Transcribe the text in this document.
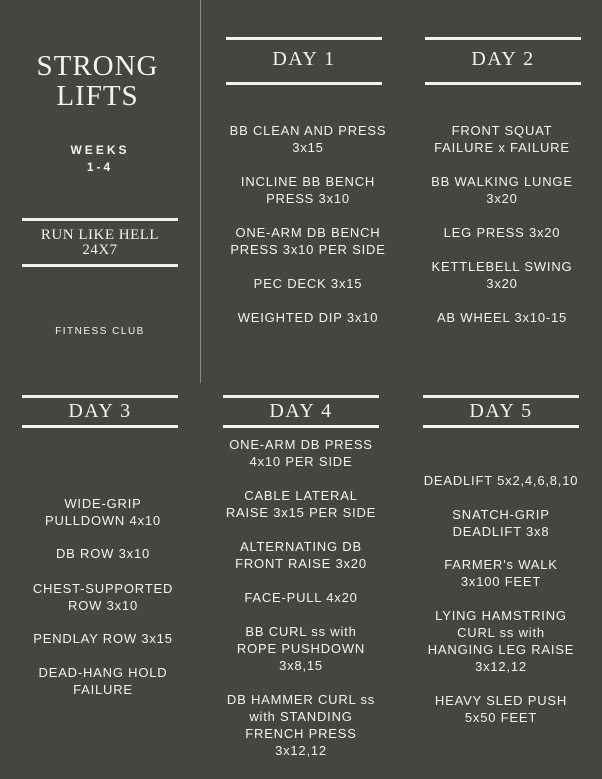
STRONG
LIFTS
WEEKS
1-4
RUN LIKE HELL
24X7
FITNESS CLUB
DAY 1
BB CLEAN AND PRESS
3x15
INCLINE BB BENCH
PRESS 3x10
ONE-ARM DB BENCH
PRESS 3x10 PER SIDE
PEC DECK 3x15
WEIGHTED DIP 3x10
DAY 2
FRONT SQUAT
FAILURE x FAILURE
BB WALKING LUNGE
3x20
LEG PRESS 3x20
KETTLEBELL SWING
3x20
AB WHEEL 3x10-15
DAY 3
WIDE-GRIP
PULLDOWN 4x10
DB ROW 3x10
CHEST-SUPPORTED
ROW 3x10
PENDLAY ROW 3x15
DEAD-HANG HOLD
FAILURE
DAY 4
ONE-ARM DB PRESS
4x10 PER SIDE
CABLE LATERAL
RAISE 3x15 PER SIDE
ALTERNATING DB
FRONT RAISE 3x20
FACE-PULL 4x20
BB CURL ss with
ROPE PUSHDOWN
3x8,15
DB HAMMER CURL ss
with STANDING
FRENCH PRESS
3x12,12
DAY 5
DEADLIFT 5x2,4,6,8,10
SNATCH-GRIP
DEADLIFT 3x8
FARMER's WALK
3x100 FEET
LYING HAMSTRING
CURL ss with
HANGING LEG RAISE
3x12,12
HEAVY SLED PUSH
5x50 FEET
